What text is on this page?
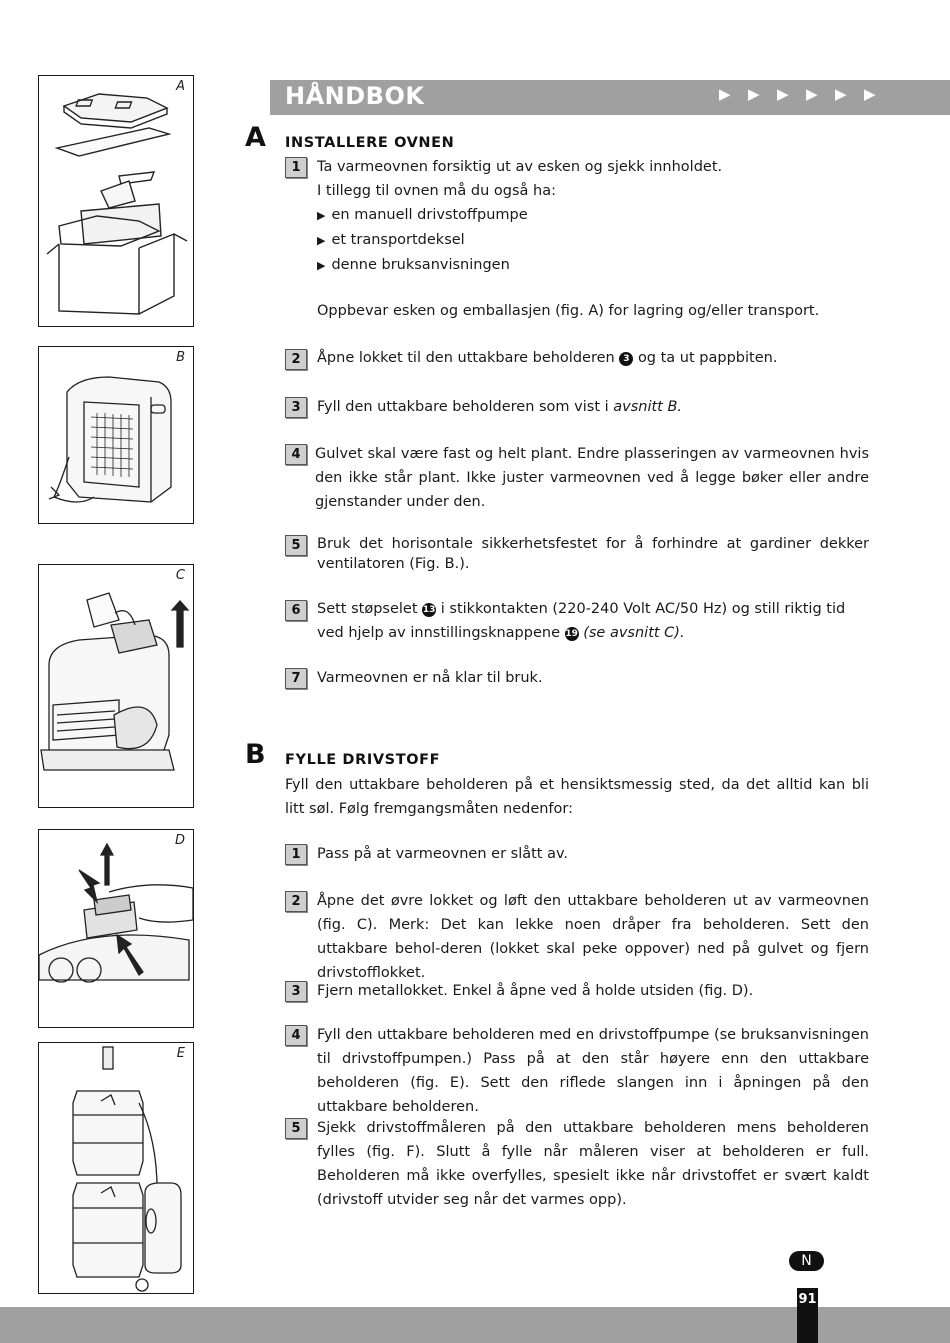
A
B
C
D
E
HÅNDBOK	▶ ▶ ▶ ▶ ▶ ▶
A INSTALLERE OVNEN
1	Ta varmeovnen forsiktig ut av esken og sjekk innholdet.
I tillegg til ovnen må du også ha:
▶ en manuell drivstoffpumpe
▶ et transportdeksel
▶ denne bruksanvisningen
Oppbevar esken og emballasjen (fig. A) for lagring og/eller transport.
2	Åpne lokket til den uttakbare beholderen 3 og ta ut pappbiten.
3	Fyll den uttakbare beholderen som vist i avsnitt B.
4 Gulvet skal være fast og helt plant. Endre plasseringen av varmeovnen hvis den ikke står plant. Ikke juster varmeovnen ved å legge bøker eller andre gjenstander under den.
5	Bruk det horisontale sikkerhetsfestet for å forhindre at gardiner dekker ventilatoren (Fig. B.).
6	Sett støpselet 13 i stikkontakten (220-240 Volt AC/50 Hz) og still riktig tid ved hjelp av innstillingsknappene 19 (se avsnitt C).
7	Varmeovnen er nå klar til bruk.
B FYLLE DRIVSTOFF
Fyll den uttakbare beholderen på et hensiktsmessig sted, da det alltid kan bli litt søl. Følg fremgangsmåten nedenfor:
1	Pass på at varmeovnen er slått av.
2	Åpne det øvre lokket og løft den uttakbare beholderen ut av varmeovnen (fig. C). Merk: Det kan lekke noen dråper fra beholderen. Sett den uttakbare behol-deren (lokket skal peke oppover) ned på gulvet og fjern drivstofflokket.
3	Fjern metallokket. Enkel å åpne ved å holde utsiden (fig. D).
4	Fyll den uttakbare beholderen med en drivstoffpumpe (se bruksanvisningen til drivstoffpumpen.) Pass på at den står høyere enn den uttakbare beholderen (fig. E). Sett den riflede slangen inn i åpningen på den uttakbare beholderen.
5	Sjekk drivstoffmåleren på den uttakbare beholderen mens beholderen fylles (fig. F). Slutt å fylle når måleren viser at beholderen er full. Beholderen må ikke overfylles, spesielt ikke når drivstoffet er svært kaldt (drivstoff utvider seg når det varmes opp).
N
91
